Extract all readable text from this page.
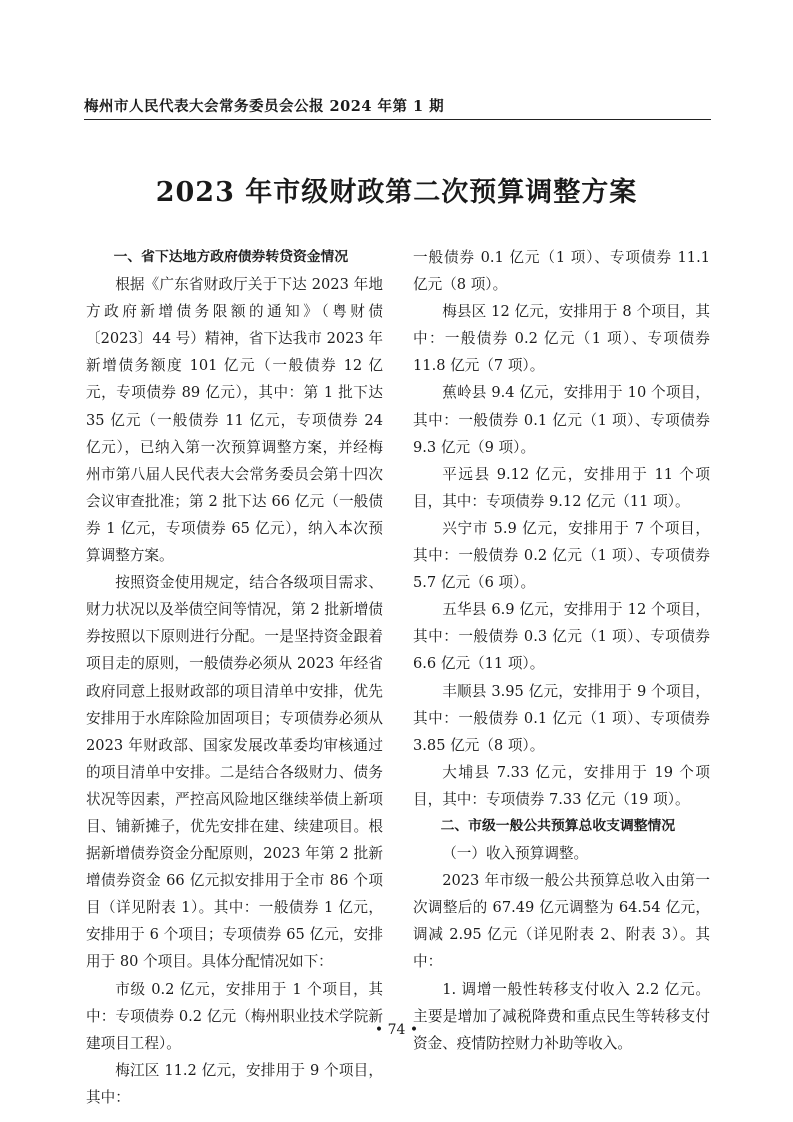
梅州市人民代表大会常务委员会公报 2024 年第 1 期
2023 年市级财政第二次预算调整方案

一、省下达地方政府债券转贷资金情况

根据《广东省财政厅关于下达 2023 年地方政府新增债务限额的通知》（粤财债〔2023〕44 号）精神，省下达我市 2023 年新增债务额度 101 亿元（一般债券 12 亿元，专项债券 89 亿元），其中：第 1 批下达 35 亿元（一般债券 11 亿元，专项债券 24 亿元），已纳入第一次预算调整方案，并经梅州市第八届人民代表大会常务委员会第十四次会议审查批准；第 2 批下达 66 亿元（一般债券 1 亿元，专项债券 65 亿元），纳入本次预算调整方案。

按照资金使用规定，结合各级项目需求、财力状况以及举债空间等情况，第 2 批新增债券按照以下原则进行分配。一是坚持资金跟着项目走的原则，一般债券必须从 2023 年经省政府同意上报财政部的项目清单中安排，优先安排用于水库除险加固项目；专项债券必须从 2023 年财政部、国家发展改革委均审核通过的项目清单中安排。二是结合各级财力、债务状况等因素，严控高风险地区继续举债上新项目、铺新摊子，优先安排在建、续建项目。根据新增债券资金分配原则，2023 年第 2 批新增债券资金 66 亿元拟安排用于全市 86 个项目（详见附表 1）。其中：一般债券 1 亿元，安排用于 6 个项目；专项债券 65 亿元，安排用于 80 个项目。具体分配情况如下：

市级 0.2 亿元，安排用于 1 个项目，其中：专项债券 0.2 亿元（梅州职业技术学院新建项目工程）。

梅江区 11.2 亿元，安排用于 9 个项目，其中：

一般债券 0.1 亿元（1 项）、专项债券 11.1 亿元（8 项）。

梅县区 12 亿元，安排用于 8 个项目，其中：一般债券 0.2 亿元（1 项）、专项债券 11.8 亿元（7 项）。

蕉岭县 9.4 亿元，安排用于 10 个项目，其中：一般债券 0.1 亿元（1 项）、专项债券 9.3 亿元（9 项）。

平远县 9.12 亿元，安排用于 11 个项目，其中：专项债券 9.12 亿元（11 项）。

兴宁市 5.9 亿元，安排用于 7 个项目，其中：一般债券 0.2 亿元（1 项）、专项债券 5.7 亿元（6 项）。

五华县 6.9 亿元，安排用于 12 个项目，其中：一般债券 0.3 亿元（1 项）、专项债券 6.6 亿元（11 项）。

丰顺县 3.95 亿元，安排用于 9 个项目，其中：一般债券 0.1 亿元（1 项）、专项债券 3.85 亿元（8 项）。

大埔县 7.33 亿元，安排用于 19 个项目，其中：专项债券 7.33 亿元（19 项）。

二、市级一般公共预算总收支调整情况

（一）收入预算调整。

2023 年市级一般公共预算总收入由第一次调整后的 67.49 亿元调整为 64.54 亿元，调减 2.95 亿元（详见附表 2、附表 3）。其中：

1. 调增一般性转移支付收入 2.2 亿元。主要是增加了减税降费和重点民生等转移支付资金、疫情防控财力补助等收入。

• 74 •
